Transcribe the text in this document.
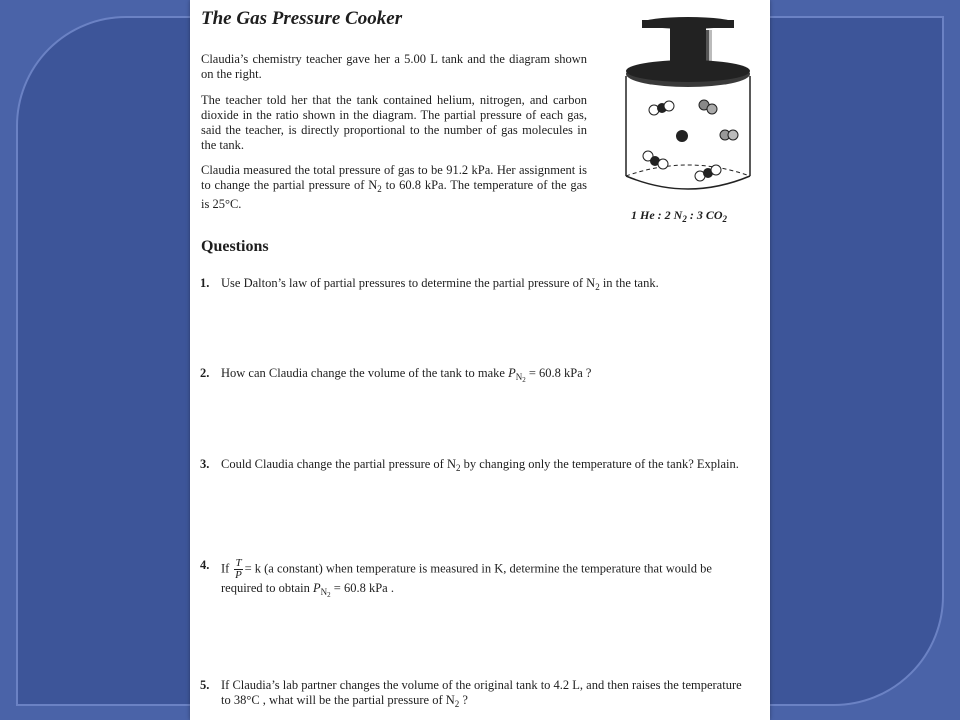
The Gas Pressure Cooker

Claudia’s chemistry teacher gave her a 5.00 L tank and the diagram shown on the right.

The teacher told her that the tank contained helium, nitrogen, and carbon dioxide in the ratio shown in the diagram. The partial pressure of each gas, said the teacher, is directly proportional to the number of gas molecules in the tank.

Claudia measured the total pressure of gas to be 91.2 kPa. Her assignment is to change the partial pressure of $N_2$ to 60.8 kPa. The temperature of the gas is 25°C.

1 He : 2 $N_2$ : 3 $CO_2$

Questions
1. Use Dalton’s law of partial pressures to determine the partial pressure of $N_2$ in the tank.
2. How can Claudia change the volume of the tank to make $P_{N2} = 60.8$ kPa ?
3. Could Claudia change the partial pressure of $N_2$ by changing only the temperature of the tank? Explain.
4. If $\frac{T}{P} = k$ (a constant) when temperature is measured in K, determine the temperature that would be required to obtain $P_{N2} = 60.8$ kPa .
5. If Claudia’s lab partner changes the volume of the original tank to 4.2 L, and then raises the temperature to 38°C , what will be the partial pressure of $N_2$ ?
